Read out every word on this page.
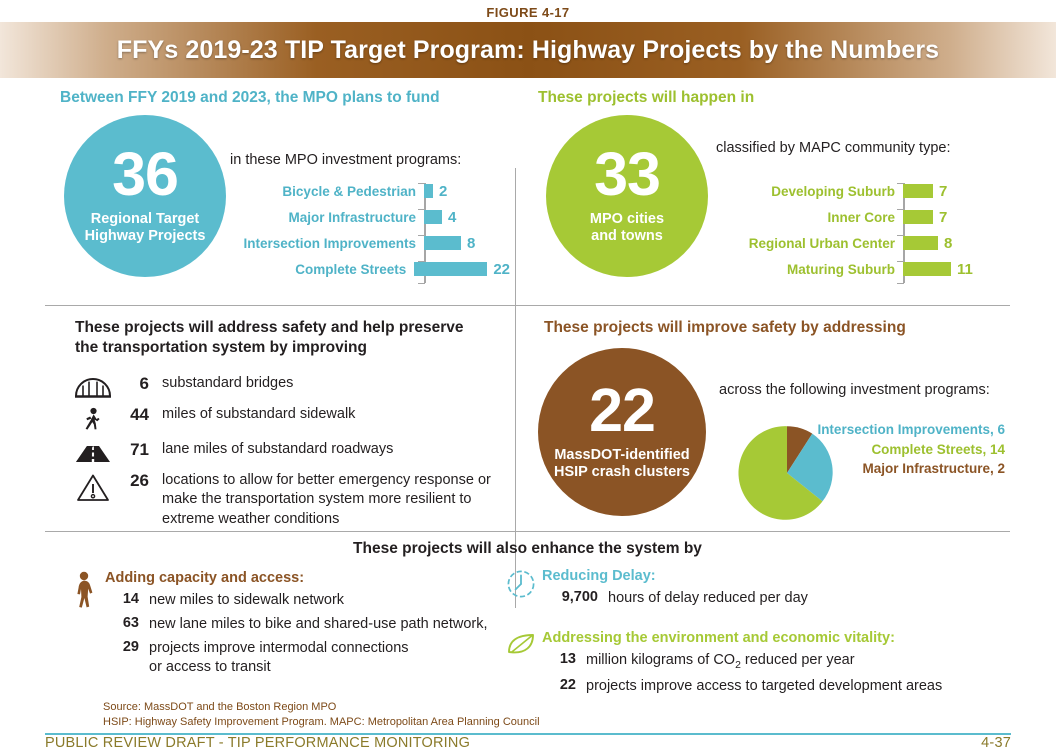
FIGURE 4-17
FFYs 2019-23 TIP Target Program: Highway Projects by the Numbers
Between FFY 2019 and 2023, the MPO plans to fund
36
Regional Target
Highway Projects
in these MPO investment programs:
Bicycle & Pedestrian	2
Major Infrastructure	4
Intersection Improvements	8
Complete Streets	22
These projects will happen in
33
MPO cities
and towns
classified by MAPC community type:
Developing Suburb	7
Inner Core	7
Regional Urban Center	8
Maturing Suburb	11
These projects will address safety and help preserve
the transportation system by improving
6 substandard bridges
44 miles of substandard sidewalk
71 lane miles of substandard roadways
26 locations to allow for better emergency response or make the transportation system more resilient to extreme weather conditions
These projects will improve safety by addressing
22
MassDOT-identified
HSIP crash clusters
across the following investment programs:
Intersection Improvements, 6
Complete Streets, 14
Major Infrastructure, 2
These projects will also enhance the system by
Adding capacity and access:
14 new miles to sidewalk network
63 new lane miles to bike and shared-use path network,
29 projects improve intermodal connections or access to transit
Reducing Delay:
9,700 hours of delay reduced per day
Addressing the environment and economic vitality:
13 million kilograms of $CO_2$ reduced per year
22 projects improve access to targeted development areas
Source: MassDOT and the Boston Region MPO
HSIP: Highway Safety Improvement Program. MAPC: Metropolitan Area Planning Council
PUBLIC REVIEW DRAFT - TIP PERFORMANCE MONITORING	4-37
